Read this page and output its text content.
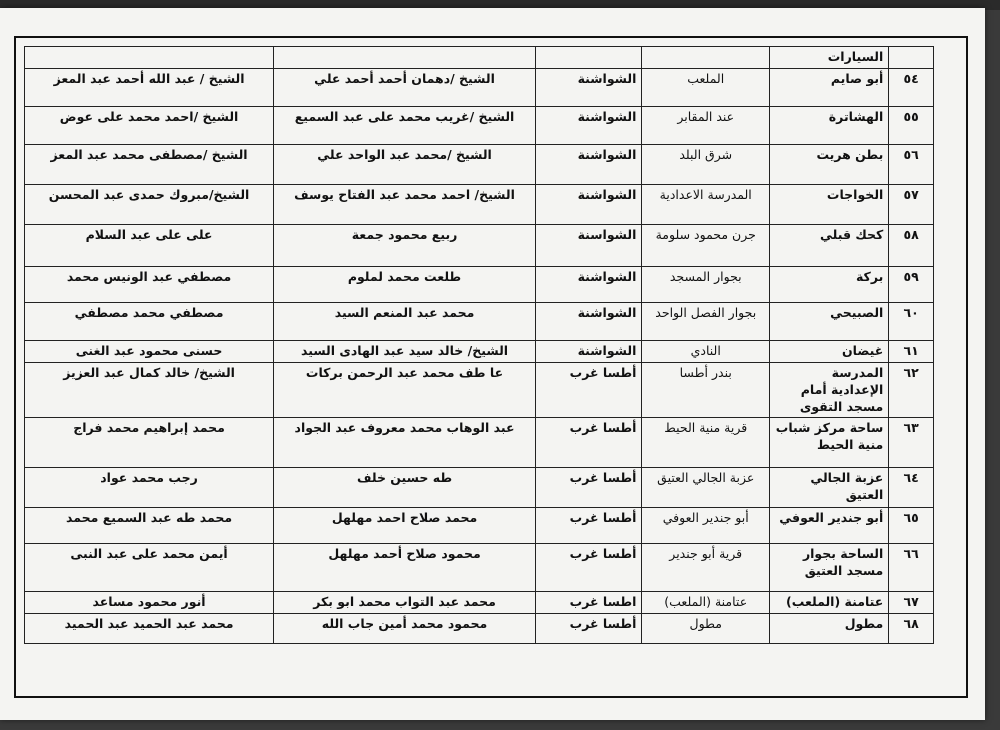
	السيارات				
٥٤	أبو صايم	الملعب	الشواشنة	الشيخ /دهمان أحمد أحمد علي	الشيخ / عبد الله أحمد عبد المعز
٥٥	الهشاترة	عند المقابر	الشواشنة	الشيخ /غريب محمد على عبد السميع	الشيخ /احمد محمد على عوض
٥٦	بطن هريت	شرق البلد	الشواشنة	الشيخ /محمد عبد الواحد علي	الشيخ /مصطفى محمد عبد المعز
٥٧	الخواجات	المدرسة الاعدادية	الشواشنة	الشيخ/ احمد محمد عبد الفتاح يوسف	الشيخ/مبروك حمدى عبد المحسن
٥٨	كحك قبلي	جرن محمود سلومة	الشواسنة	ربيع محمود جمعة	على على عبد السلام
٥٩	بركة	بجوار المسجد	الشواشنة	طلعت محمد لملوم	مصطفي عبد الونيس محمد
٦٠	الصبيحي	بجوار الفصل الواحد	الشواشنة	محمد عبد المنعم السيد	مصطفي محمد مصطفي
٦١	غيضان	النادي	الشواشنة	الشيخ/ خالد سيد عبد الهادى السيد	حسنى محمود عبد الغنى
٦٢	المدرسة الإعدادية أمام مسجد التقوى	بندر أطسا	أطسا غرب	عا طف محمد عبد الرحمن بركات	الشيخ/ خالد كمال عبد العزيز
٦٣	ساحة مركز شباب منية الحيط	قرية منية الحيط	أطسا غرب	عبد الوهاب محمد معروف عبد الجواد	محمد إبراهيم محمد فراج
٦٤	عزبة الجالي العتيق	عزبة الجالي العتيق	أطسا غرب	طه حسين خلف	رجب محمد عواد
٦٥	أبو جندير العوفي	أبو جندير العوفي	أطسا غرب	محمد صلاح احمد مهلهل	محمد طه عبد السميع محمد
٦٦	الساحة بجوار مسجد العتيق	قرية أبو جندير	أطسا غرب	محمود صلاح أحمد مهلهل	أيمن محمد على عبد النبى
٦٧	عتامنة (الملعب)	عتامنة (الملعب)	اطسا غرب	محمد عبد التواب محمد ابو بكر	أنور محمود مساعد
٦٨	مطول	مطول	أطسا غرب	محمود محمد أمين جاب الله	محمد عبد الحميد عبد الحميد
